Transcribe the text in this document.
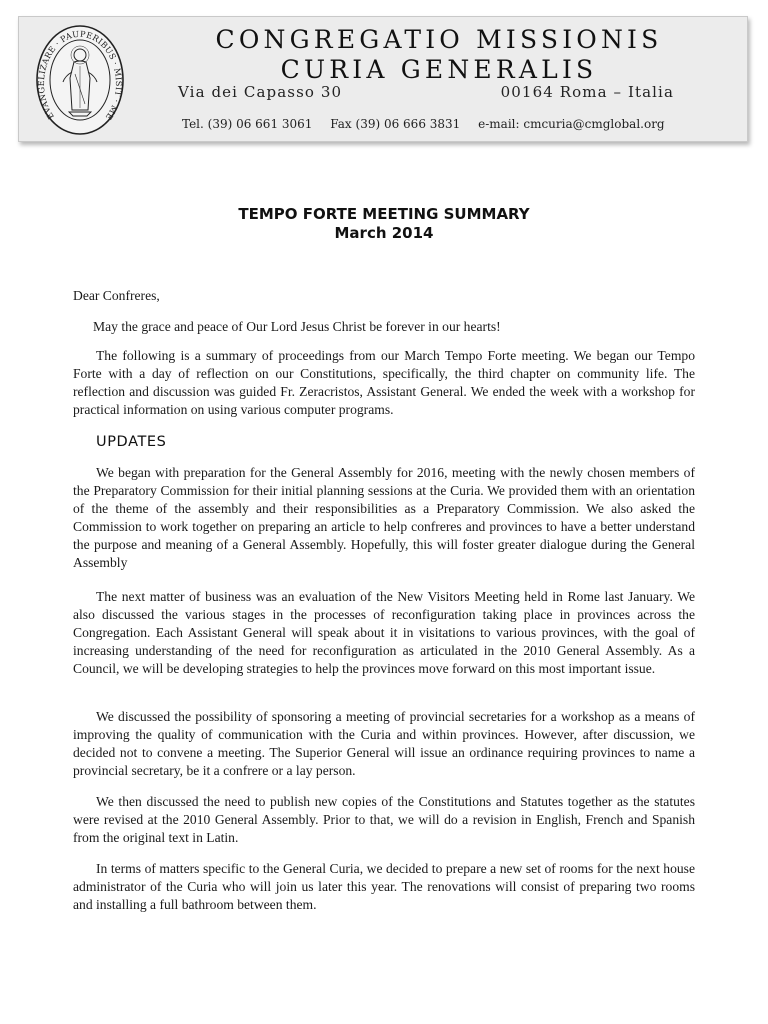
EVANGELIZARE · PAUPERIBUS · MISIT · ME

CONGREGATIO MISSIONIS

CURIA GENERALIS

Via dei Capasso 30	00164 Roma – Italia
Tel. (39) 06 661 3061 Fax (39) 06 666 3831 e-mail: cmcuria@cmglobal.org
TEMPO FORTE MEETING SUMMARY
March 2014
Dear Confreres,
May the grace and peace of Our Lord Jesus Christ be forever in our hearts!
The following is a summary of proceedings from our March Tempo Forte meeting. We began our Tempo Forte with a day of reflection on our Constitutions, specifically, the third chapter on community life. The reflection and discussion was guided Fr. Zeracristos, Assistant General. We ended the week with a workshop for practical information on using various computer programs.
UPDATES
We began with preparation for the General Assembly for 2016, meeting with the newly chosen members of the Preparatory Commission for their initial planning sessions at the Curia. We provided them with an orientation of the theme of the assembly and their responsibilities as a Preparatory Commission. We also asked the Commission to work together on preparing an article to help confreres and provinces to have a better understand the purpose and meaning of a General Assembly. Hopefully, this will foster greater dialogue during the General Assembly
The next matter of business was an evaluation of the New Visitors Meeting held in Rome last January. We also discussed the various stages in the processes of reconfiguration taking place in provinces across the Congregation. Each Assistant General will speak about it in visitations to various provinces, with the goal of increasing understanding of the need for reconfiguration as articulated in the 2010 General Assembly. As a Council, we will be developing strategies to help the provinces move forward on this most important issue.
We discussed the possibility of sponsoring a meeting of provincial secretaries for a workshop as a means of improving the quality of communication with the Curia and within provinces. However, after discussion, we decided not to convene a meeting. The Superior General will issue an ordinance requiring provinces to name a provincial secretary, be it a confrere or a lay person.
We then discussed the need to publish new copies of the Constitutions and Statutes together as the statutes were revised at the 2010 General Assembly. Prior to that, we will do a revision in English, French and Spanish from the original text in Latin.
In terms of matters specific to the General Curia, we decided to prepare a new set of rooms for the next house administrator of the Curia who will join us later this year. The renovations will consist of preparing two rooms and installing a full bathroom between them.
